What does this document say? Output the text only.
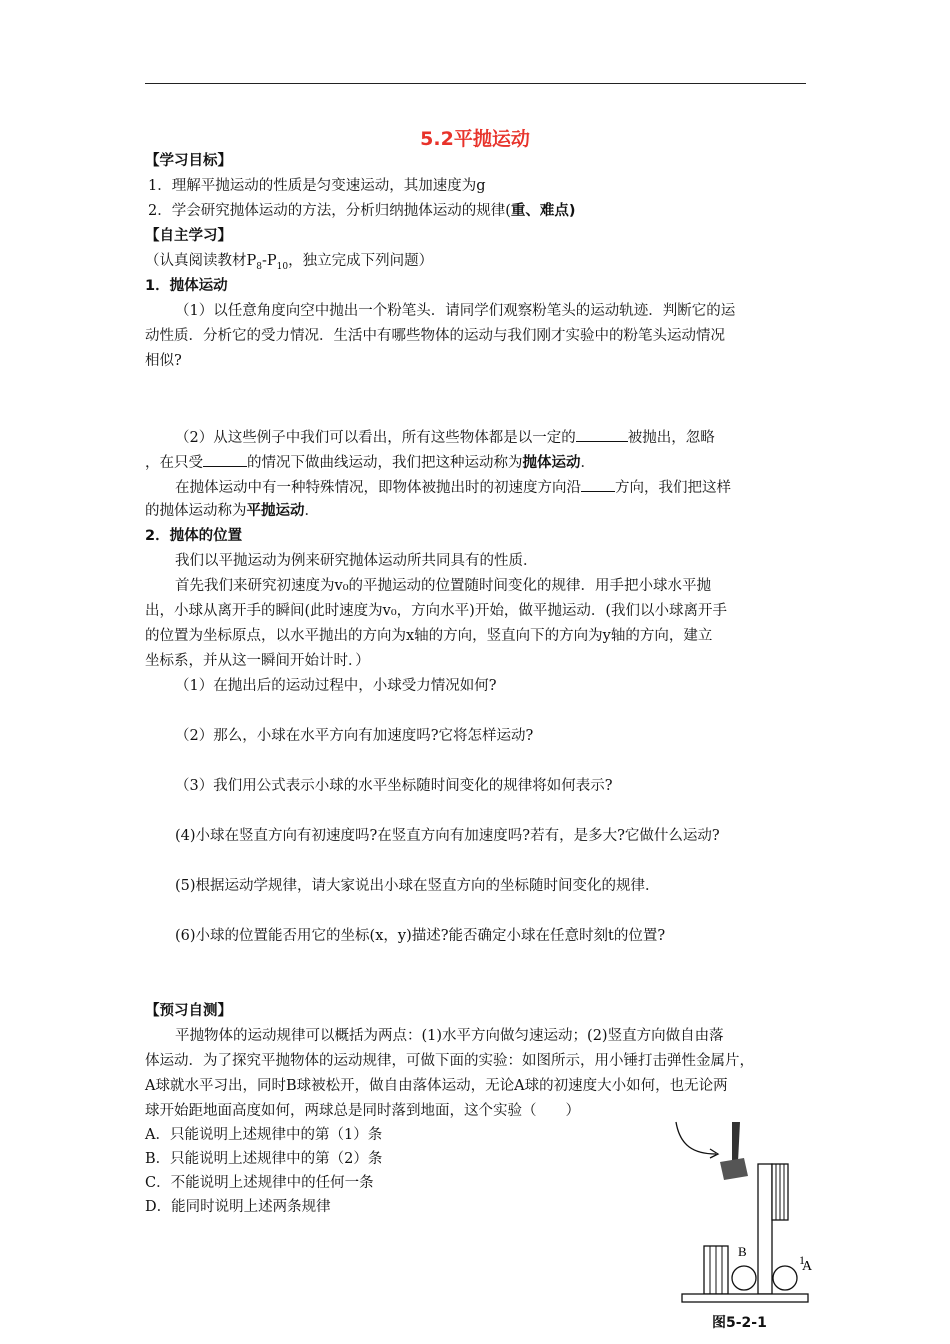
5.2平抛运动
【学习目标】
1．理解平抛运动的性质是匀变速运动，其加速度为g
2．学会研究抛体运动的方法，分析归纳抛体运动的规律(重、难点)
【自主学习】
（认真阅读教材$P_8-P_{10}$，独立完成下列问题）
1．抛体运动
（1）以任意角度向空中抛出一个粉笔头．请同学们观察粉笔头的运动轨迹．判断它的运
动性质．分析它的受力情况．生活中有哪些物体的运动与我们刚才实验中的粉笔头运动情况
相似?
（2）从这些例子中我们可以看出，所有这些物体都是以一定的	被抛出，忽略
，在只受	的情况下做曲线运动，我们把这种运动称为抛体运动．
在抛体运动中有一种特殊情况，即物体被抛出时的初速度方向沿 方向，我们把这样
的抛体运动称为平抛运动．
2．抛体的位置
我们以平抛运动为例来研究抛体运动所共同具有的性质．
首先我们来研究初速度为v₀的平抛运动的位置随时间变化的规律．用手把小球水平抛
出，小球从离开手的瞬间(此时速度为v₀，方向水平)开始，做平抛运动．(我们以小球离开手
的位置为坐标原点，以水平抛出的方向为x轴的方向，竖直向下的方向为y轴的方向，建立
坐标系，并从这一瞬间开始计时．）
（1）在抛出后的运动过程中，小球受力情况如何?
（2）那么，小球在水平方向有加速度吗?它将怎样运动?
（3）我们用公式表示小球的水平坐标随时间变化的规律将如何表示?
(4)小球在竖直方向有初速度吗?在竖直方向有加速度吗?若有，是多大?它做什么运动?
(5)根据运动学规律，请大家说出小球在竖直方向的坐标随时间变化的规律．
(6)小球的位置能否用它的坐标(x，y)描述?能否确定小球在任意时刻t的位置?
【预习自测】
平抛物体的运动规律可以概括为两点：(1)水平方向做匀速运动；(2)竖直方向做自由落
体运动．为了探究平抛物体的运动规律，可做下面的实验：如图所示，用小锤打击弹性金属片，
A球就水平习出，同时B球被松开，做自由落体运动，无论A球的初速度大小如何，也无论两
球开始距地面高度如何，两球总是同时落到地面，这个实验（　　）
A．只能说明上述规律中的第（1）条
B．只能说明上述规律中的第（2）条
C．不能说明上述规律中的任何一条
D．能同时说明上述两条规律
B
1
A
图5-2-1
